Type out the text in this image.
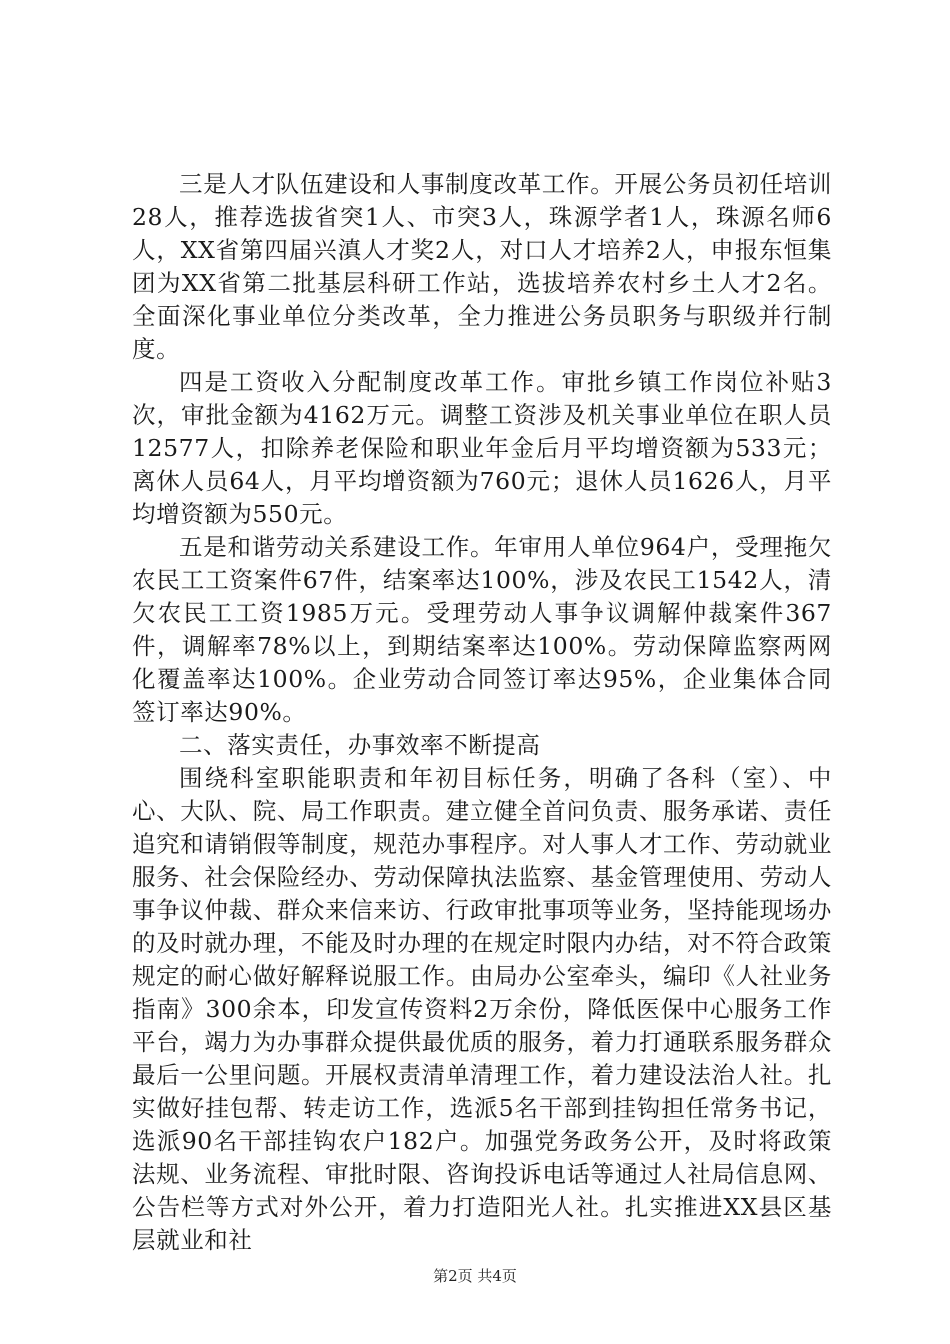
三是人才队伍建设和人事制度改革工作。开展公务员初任培训28人，推荐选拔省突1人、市突3人，珠源学者1人，珠源名师6人，XX省第四届兴滇人才奖2人，对口人才培养2人，申报东恒集团为XX省第二批基层科研工作站，选拔培养农村乡土人才2名。全面深化事业单位分类改革，全力推进公务员职务与职级并行制度。

四是工资收入分配制度改革工作。审批乡镇工作岗位补贴3次，审批金额为4162万元。调整工资涉及机关事业单位在职人员12577人，扣除养老保险和职业年金后月平均增资额为533元；离休人员64人，月平均增资额为760元；退休人员1626人，月平均增资额为550元。

五是和谐劳动关系建设工作。年审用人单位964户，受理拖欠农民工工资案件67件，结案率达100%，涉及农民工1542人，清欠农民工工资1985万元。受理劳动人事争议调解仲裁案件367件，调解率78%以上，到期结案率达100%。劳动保障监察两网化覆盖率达100%。企业劳动合同签订率达95%，企业集体合同签订率达90%。

二、落实责任，办事效率不断提高

围绕科室职能职责和年初目标任务，明确了各科（室）、中心、大队、院、局工作职责。建立健全首问负责、服务承诺、责任追究和请销假等制度，规范办事程序。对人事人才工作、劳动就业服务、社会保险经办、劳动保障执法监察、基金管理使用、劳动人事争议仲裁、群众来信来访、行政审批事项等业务，坚持能现场办的及时就办理，不能及时办理的在规定时限内办结，对不符合政策规定的耐心做好解释说服工作。由局办公室牵头，编印《人社业务指南》300余本，印发宣传资料2万余份，降低医保中心服务工作平台，竭力为办事群众提供最优质的服务，着力打通联系服务群众最后一公里问题。开展权责清单清理工作，着力建设法治人社。扎实做好挂包帮、转走访工作，选派5名干部到挂钩担任常务书记，选派90名干部挂钩农户182户。加强党务政务公开，及时将政策法规、业务流程、审批时限、咨询投诉电话等通过人社局信息网、公告栏等方式对外公开，着力打造阳光人社。扎实推进XX县区基层就业和社

第2页 共4页
